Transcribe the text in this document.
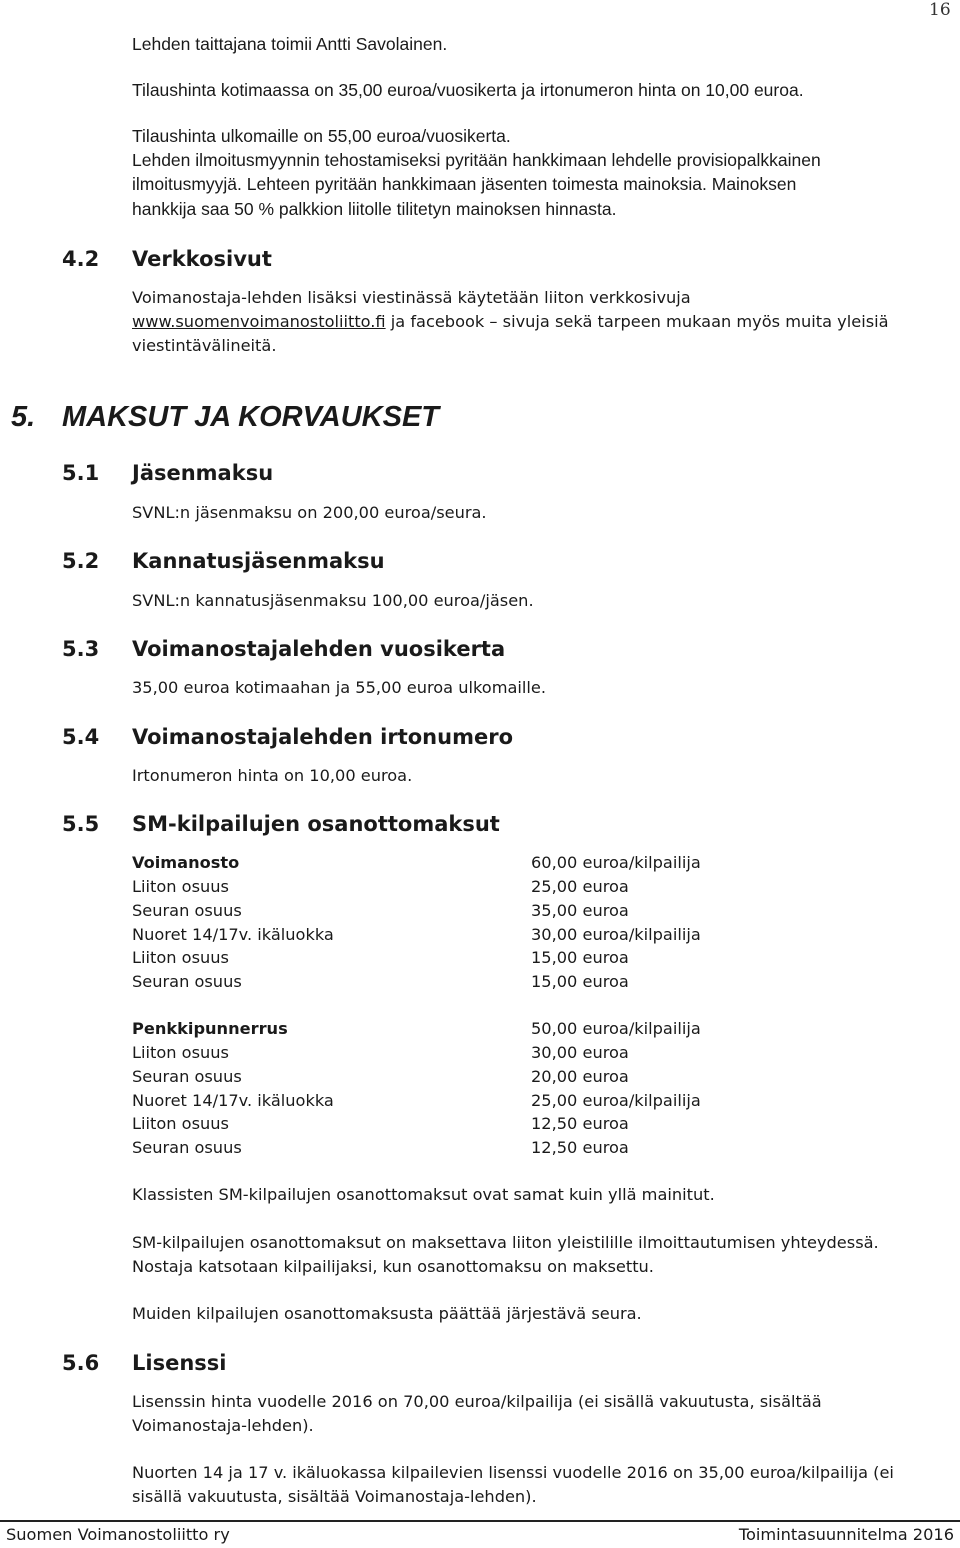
16
Lehden taittajana toimii Antti Savolainen.
Tilaushinta kotimaassa on 35,00 euroa/vuosikerta ja irtonumeron hinta on 10,00 euroa.
Tilaushinta ulkomaille on 55,00 euroa/vuosikerta.
Lehden ilmoitusmyynnin tehostamiseksi pyritään hankkimaan lehdelle provisiopalkkainen
ilmoitusmyyjä. Lehteen pyritään hankkimaan jäsenten toimesta mainoksia. Mainoksen
hankkija saa 50 % palkkion liitolle tilitetyn mainoksen hinnasta.
4.2 Verkkosivut
Voimanostaja-lehden lisäksi viestinässä käytetään liiton verkkosivuja
www.suomenvoimanostoliitto.fi ja facebook – sivuja sekä tarpeen mukaan myös muita yleisiä
viestintävälineitä.
5. MAKSUT JA KORVAUKSET
5.1 Jäsenmaksu
SVNL:n jäsenmaksu on 200,00 euroa/seura.
5.2 Kannatusjäsenmaksu
SVNL:n kannatusjäsenmaksu 100,00 euroa/jäsen.
5.3 Voimanostajalehden vuosikerta
35,00 euroa kotimaahan ja 55,00 euroa ulkomaille.
5.4 Voimanostajalehden irtonumero
Irtonumeron hinta on 10,00 euroa.
5.5 SM-kilpailujen osanottomaksut
Voimanosto	60,00 euroa/kilpailija
Liiton osuus	25,00 euroa
Seuran osuus	35,00 euroa
Nuoret 14/17v. ikäluokka	30,00 euroa/kilpailija
Liiton osuus	15,00 euroa
Seuran osuus	15,00 euroa
Penkkipunnerrus	50,00 euroa/kilpailija
Liiton osuus	30,00 euroa
Seuran osuus	20,00 euroa
Nuoret 14/17v. ikäluokka	25,00 euroa/kilpailija
Liiton osuus	12,50 euroa
Seuran osuus	12,50 euroa
Klassisten SM-kilpailujen osanottomaksut ovat samat kuin yllä mainitut.
SM-kilpailujen osanottomaksut on maksettava liiton yleistilille ilmoittautumisen yhteydessä.
Nostaja katsotaan kilpailijaksi, kun osanottomaksu on maksettu.
Muiden kilpailujen osanottomaksusta päättää järjestävä seura.
5.6 Lisenssi
Lisenssin hinta vuodelle 2016 on 70,00 euroa/kilpailija (ei sisällä vakuutusta, sisältää
Voimanostaja-lehden).
Nuorten 14 ja 17 v. ikäluokassa kilpailevien lisenssi vuodelle 2016 on 35,00 euroa/kilpailija (ei
sisällä vakuutusta, sisältää Voimanostaja-lehden).
Suomen Voimanostoliitto ry	Toimintasuunnitelma 2016
